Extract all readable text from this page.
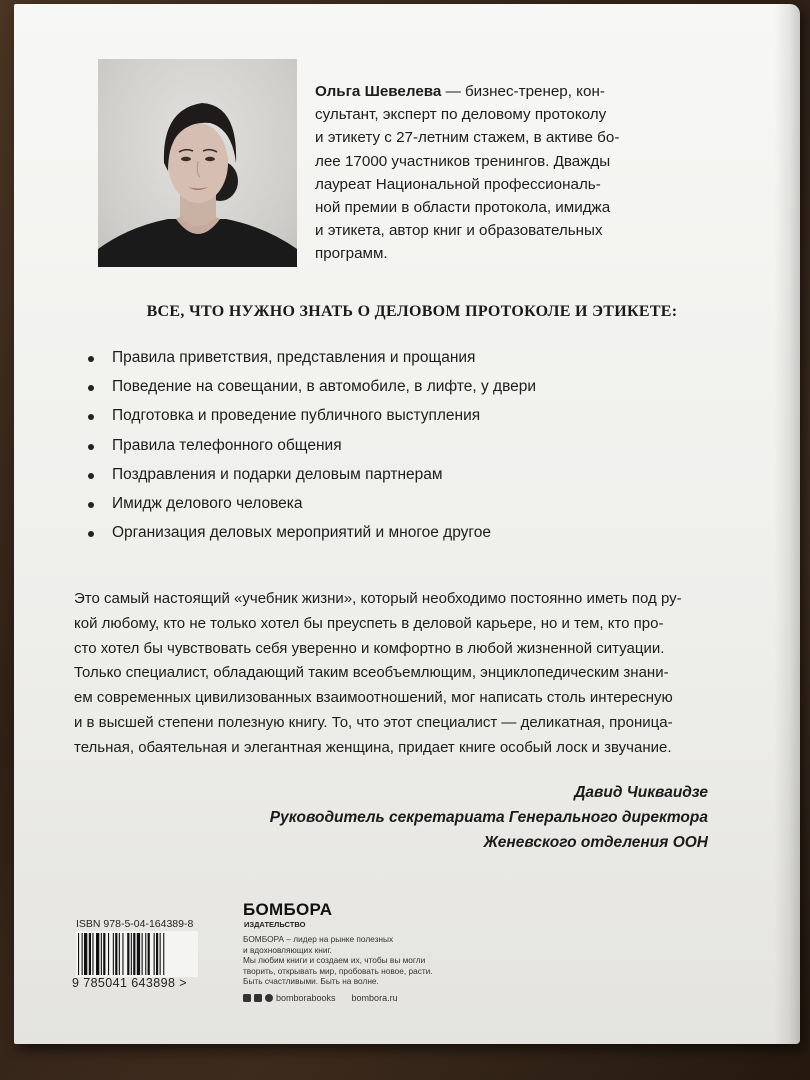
Ольга Шевелева — бизнес-тренер, кон-
сультант, эксперт по деловому протоколу
и этикету с 27-летним стажем, в активе бо-
лее 17000 участников тренингов. Дважды
лауреат Национальной профессиональ-
ной премии в области протокола, имиджа
и этикета, автор книг и образовательных
программ.
ВСЕ, ЧТО НУЖНО ЗНАТЬ О ДЕЛОВОМ ПРОТОКОЛЕ И ЭТИКЕТЕ:
Правила приветствия, представления и прощания
Поведение на совещании, в автомобиле, в лифте, у двери
Подготовка и проведение публичного выступления
Правила телефонного общения
Поздравления и подарки деловым партнерам
Имидж делового человека
Организация деловых мероприятий и многое другое
Это самый настоящий «учебник жизни», который необходимо постоянно иметь под ру-
кой любому, кто не только хотел бы преуспеть в деловой карьере, но и тем, кто про-
сто хотел бы чувствовать себя уверенно и комфортно в любой жизненной ситуации.
Только специалист, обладающий таким всеобъемлющим, энциклопедическим знани-
ем современных цивилизованных взаимоотношений, мог написать столь интересную
и в высшей степени полезную книгу. То, что этот специалист — деликатная, проница-
тельная, обаятельная и элегантная женщина, придает книге особый лоск и звучание.
Давид Чикваидзе
Руководитель секретариата Генерального директора
Женевского отделения ООН
ISBN 978-5-04-164389-8
9 785041 643898 >
БОМБОРА
ИЗДАТЕЛЬСТВО
БОМБОРА – лидер на рынке полезных
и вдохновляющих книг.
Мы любим книги и создаем их, чтобы вы могли
творить, открывать мир, пробовать новое, расти.
Быть счастливыми. Быть на волне.
bomborabooks bombora.ru
